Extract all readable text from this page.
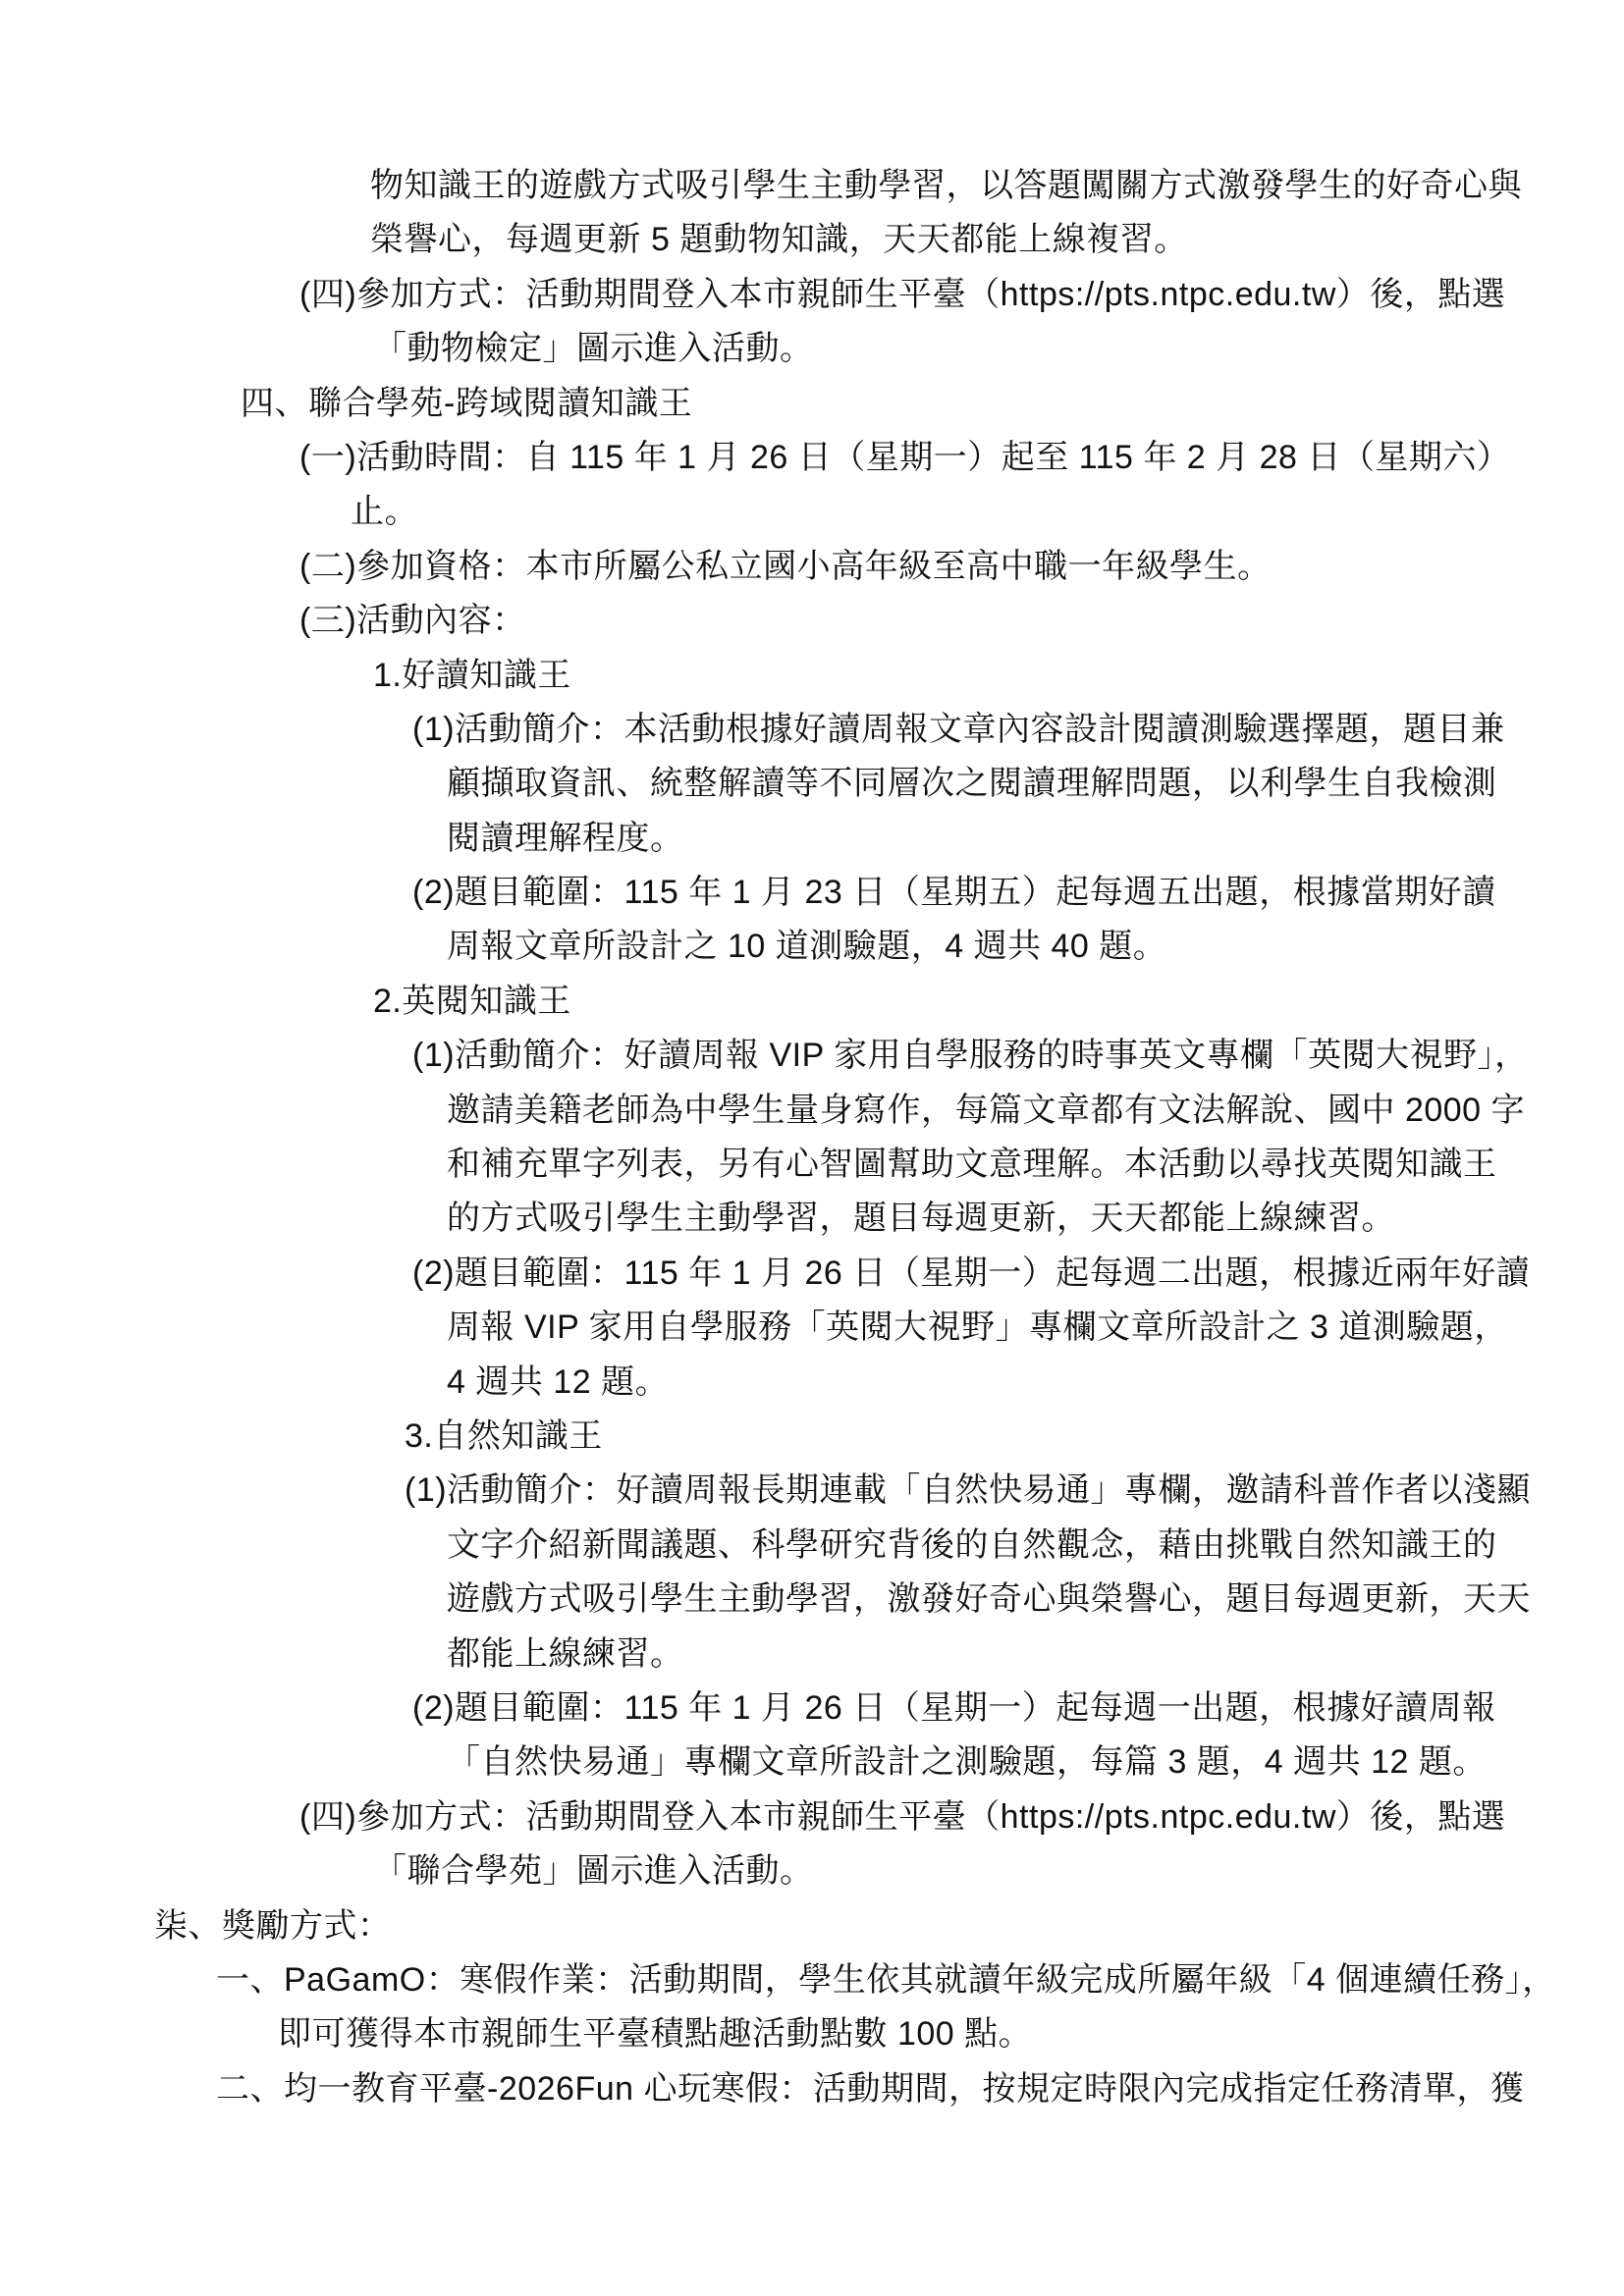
物知識王的遊戲方式吸引學生主動學習，以答題闖關方式激發學生的好奇心與
榮譽心，每週更新 5 題動物知識，天天都能上線複習。
(四)參加方式：活動期間登入本市親師生平臺（https://pts.ntpc.edu.tw）後，點選
「動物檢定」圖示進入活動。
四、聯合學苑-跨域閱讀知識王
(一)活動時間：自 115 年 1 月 26 日（星期一）起至 115 年 2 月 28 日（星期六）
止。
(二)參加資格：本市所屬公私立國小高年級至高中職一年級學生。
(三)活動內容：
1.好讀知識王
(1)活動簡介：本活動根據好讀周報文章內容設計閱讀測驗選擇題，題目兼
顧擷取資訊、統整解讀等不同層次之閱讀理解問題，以利學生自我檢測
閱讀理解程度。
(2)題目範圍：115 年 1 月 23 日（星期五）起每週五出題，根據當期好讀
周報文章所設計之 10 道測驗題，4 週共 40 題。
2.英閱知識王
(1)活動簡介：好讀周報 VIP 家用自學服務的時事英文專欄「英閱大視野」，
邀請美籍老師為中學生量身寫作，每篇文章都有文法解說、國中 2000 字
和補充單字列表，另有心智圖幫助文意理解。本活動以尋找英閱知識王
的方式吸引學生主動學習，題目每週更新，天天都能上線練習。
(2)題目範圍：115 年 1 月 26 日（星期一）起每週二出題，根據近兩年好讀
周報 VIP 家用自學服務「英閱大視野」專欄文章所設計之 3 道測驗題，
4 週共 12 題。
3.自然知識王
(1)活動簡介：好讀周報長期連載「自然快易通」專欄，邀請科普作者以淺顯
文字介紹新聞議題、科學研究背後的自然觀念，藉由挑戰自然知識王的
遊戲方式吸引學生主動學習，激發好奇心與榮譽心，題目每週更新，天天
都能上線練習。
(2)題目範圍：115 年 1 月 26 日（星期一）起每週一出題，根據好讀周報
「自然快易通」專欄文章所設計之測驗題，每篇 3 題，4 週共 12 題。
(四)參加方式：活動期間登入本市親師生平臺（https://pts.ntpc.edu.tw）後，點選
「聯合學苑」圖示進入活動。
柒、獎勵方式：
一、PaGamO：寒假作業：活動期間，學生依其就讀年級完成所屬年級「4 個連續任務」，
即可獲得本市親師生平臺積點趣活動點數 100 點。
二、均一教育平臺-2026Fun 心玩寒假：活動期間，按規定時限內完成指定任務清單，獲
